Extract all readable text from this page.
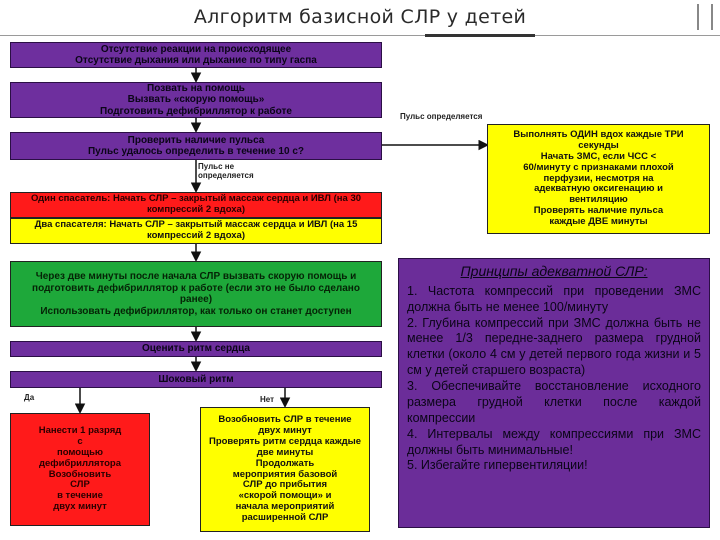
Алгоритм базисной СЛР у детей
Отсутствие реакции на происходящее
Отсутствие дыхания или дыхание по типу гаспа
Позвать на помощь
Вызвать «скорую помощь»
Подготовить дефибриллятор к работе
Проверить наличие пульса
Пульс удалось определить в течение 10 с?
Пульс определяется
Пульс не определяется
Выполнять ОДИН вдох каждые ТРИ секунды
Начать ЗМС, если ЧСС <
60/минуту с признаками плохой
перфузии, несмотря на
адекватную оксигенацию и
вентиляцию
Проверять наличие пульса
каждые ДВЕ минуты
Один спасатель: Начать СЛР – закрытый массаж сердца и ИВЛ (на 30 компрессий 2 вдоха)
Два спасателя: Начать СЛР – закрытый массаж сердца и ИВЛ (на 15 компрессий 2 вдоха)
Через две минуты после начала СЛР вызвать скорую помощь и подготовить дефибриллятор к работе (если это не было сделано ранее)
Использовать дефибриллятор, как только он станет доступен
Оценить ритм сердца
Шоковый ритм
Да	Нет
Нанести 1 разряд
с
помощью
дефибриллятора
Возобновить
СЛР
в течение
двух минут
Возобновить СЛР в течение двух минут
Проверять ритм сердца каждые две минуты
Продолжать
мероприятия базовой
СЛР до прибытия
«скорой помощи» и
начала мероприятий
расширенной СЛР
Принципы адекватной СЛР:
1. Частота компрессий при проведении ЗМС должна быть не менее 100/минуту
2. Глубина компрессий при ЗМС должна быть не менее 1/3 передне-заднего размера грудной клетки (около 4 см у детей первого года жизни и 5 см у детей старшего возраста)
3. Обеспечивайте восстановление исходного размера грудной клетки после каждой компрессии
4. Интервалы между компрессиями при ЗМС должны быть минимальные!
5. Избегайте гипервентиляции!
